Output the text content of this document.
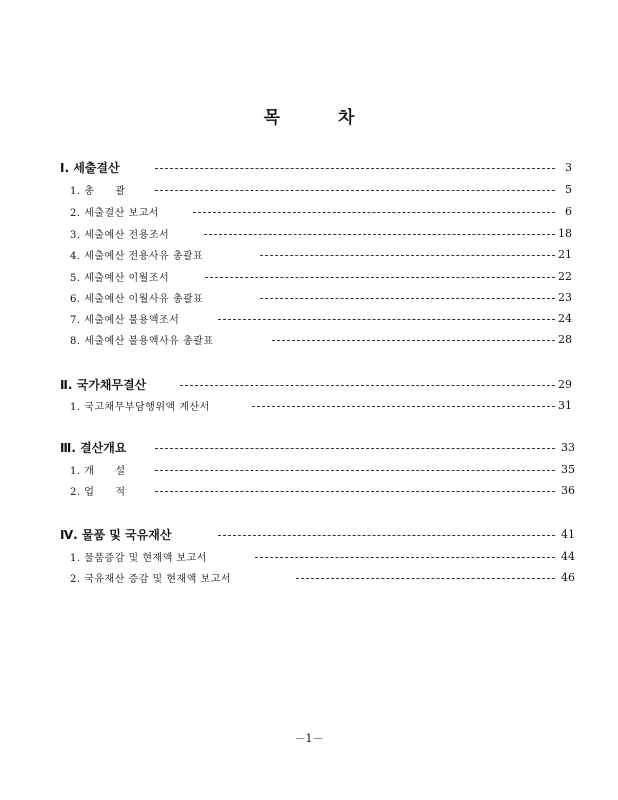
목	차
Ⅰ. 세출결산	3
1. 총　　괄	5
2. 세출결산 보고서	6
3. 세출예산 전용조서	18
4. 세출예산 전용사유 총괄표	21
5. 세출예산 이월조서	22
6. 세출예산 이월사유 총괄표	23
7. 세출예산 불용액조서	24
8. 세출예산 불용액사유 총괄표	28
Ⅱ. 국가채무결산	29
1. 국고채무부담행위액 계산서	31
Ⅲ. 결산개요	33
1. 개　　설	35
2. 업　　적	36
Ⅳ. 물품 및 국유재산	41
1. 물품증감 및 현재액 보고서	44
2. 국유재산 증감 및 현재액 보고서	46
－1－
